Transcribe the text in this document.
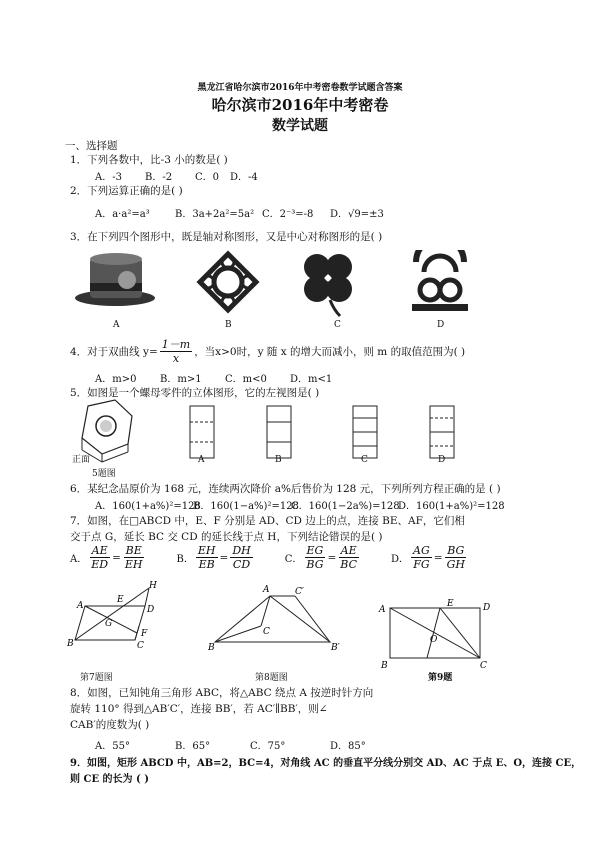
黑龙江省哈尔滨市2016年中考密卷数学试题含答案
哈尔滨市2016年中考密卷
数学试题
一、选择题
1．下列各数中，比-3 小的数是( )
A．-3 B．-2 C．0 D．-4
2．下列运算正确的是( )
A．a·a²=a³	B．3a+2a²=5a² C．2⁻³=-8 D．√9=±3
3．在下列四个图形中，既是轴对称图形，又是中心对称图形的是( )
A	B	C	D
4．对于双曲线 $y= \frac{1-m}{x}$ ，当x>0时，y 随 x 的增大而减小，则 m 的取值范围为( )
A．m>0 B．m>1 C．m<0 D．m<1
5．如图是一个螺母零件的立体图形，它的左视图是( )
正面
5题图
A	B	C	D
6．某纪念品原价为 168 元，连续两次降价 a%后售价为 128 元，下列所列方程正确的是 ( )
A．160(1+a%)²=128
B．160(1−a%)²=128
C．160(1−2a%)=128
D．160(1+a%)²=128
7．如图，在□ABCD 中，E、F 分别是 AD、CD 边上的点，连接 BE、AF，它们相
交于点 G，延长 BC 交 CD 的延长线于点 H，下列结论错误的是( )
A． $\frac{AE}{ED} = \frac{BE}{EH}$	B． $\frac{EH}{EB} = \frac{DH}{CD}$	C． $\frac{EG}{BG} = \frac{AE}{BC}$	D． $\frac{AG}{FG} = \frac{BG}{GH}$
A
E
D
H
G
B	C
F
A	C′
C
B	B′
A
E	D
O
B	C
第7题图	第8题图	第9题
8．如图，已知钝角三角形 ABC，将△ABC 绕点 A 按逆时针方向
旋转 110° 得到△AB′C′，连接 BB′，若 AC′∥BB′，则∠
CAB′的度数为( )
A．55°	B．65°	C．75°	D．85°
9．如图，矩形 ABCD 中，AB=2，BC=4，对角线 AC 的垂直平分线分别交 AD、AC 于点 E、O，连接 CE，
则 CE 的长为 ( )
